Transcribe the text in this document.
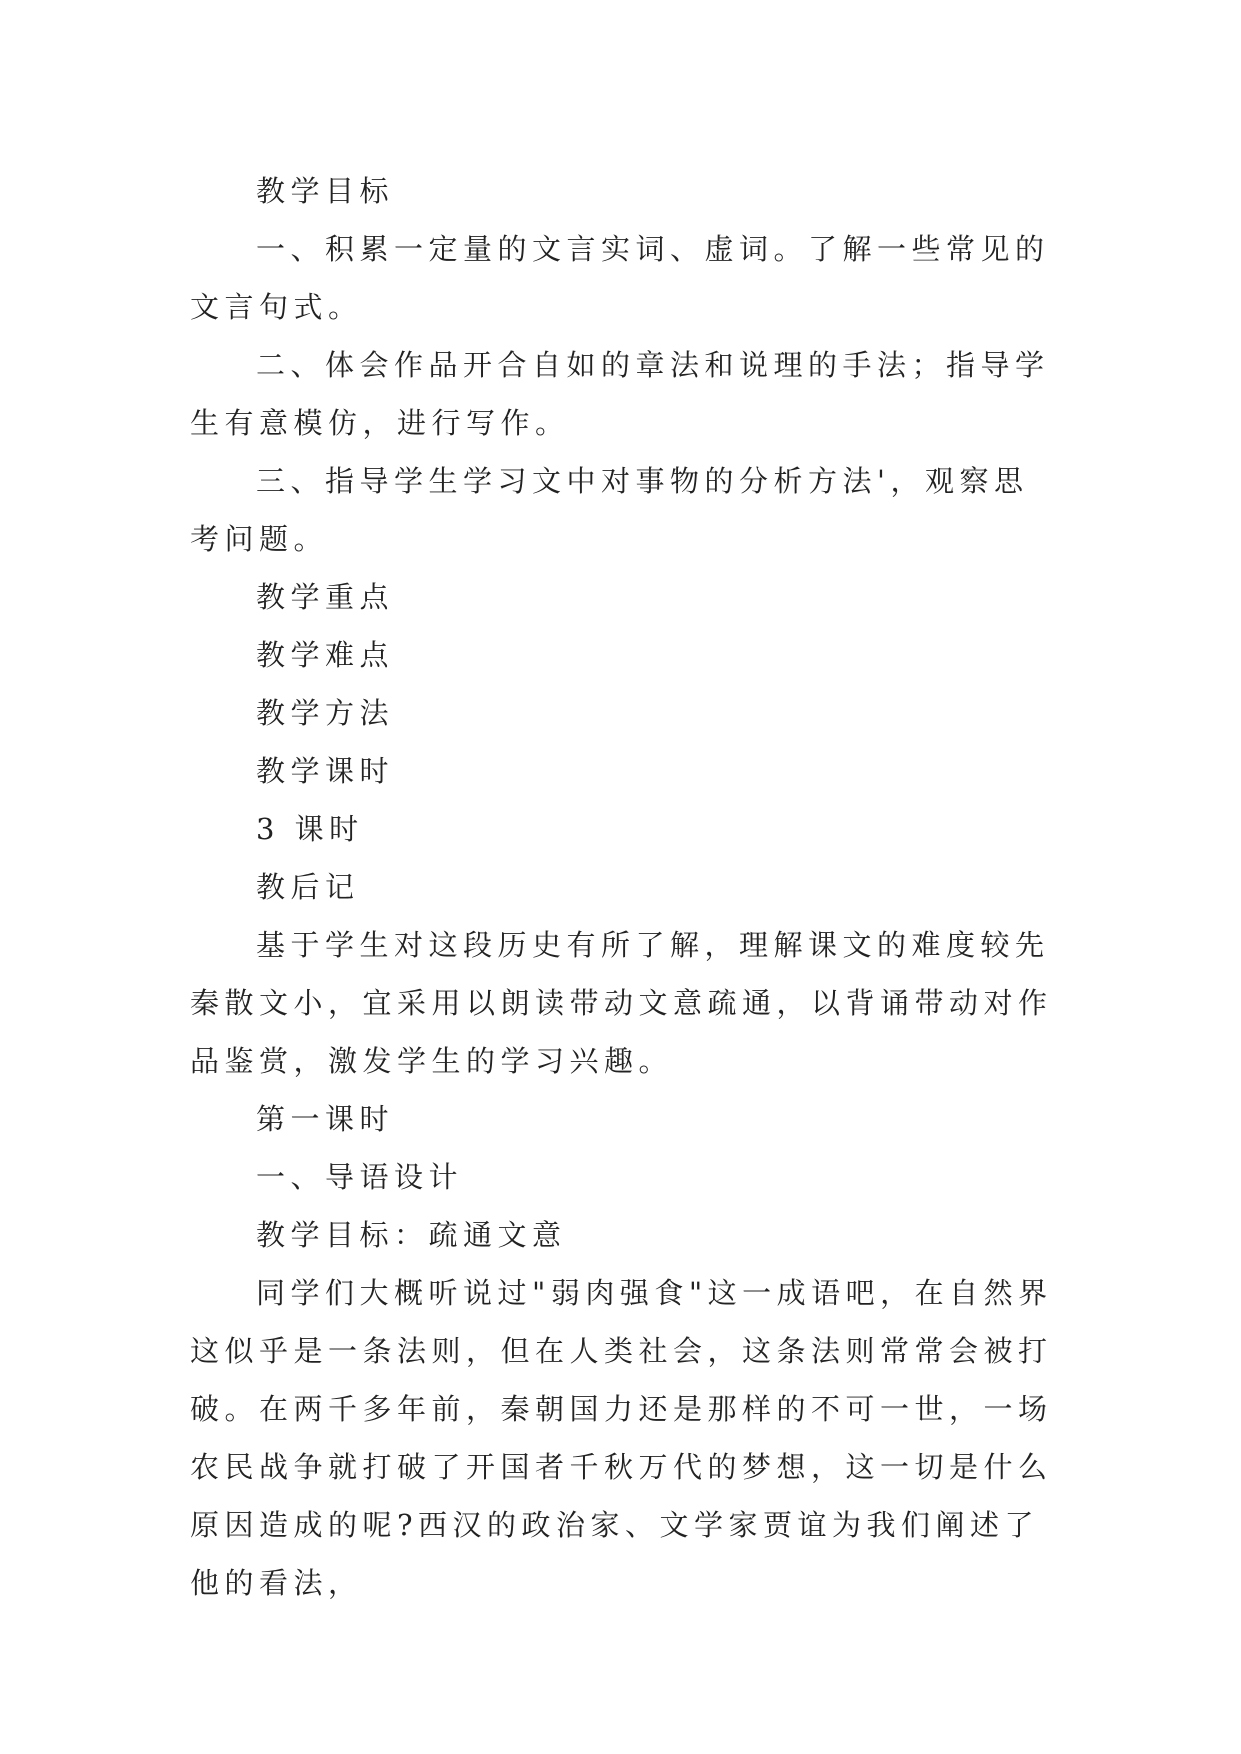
教学目标

一、积累一定量的文言实词、虚词。了解一些常见的文言句式。

二、体会作品开合自如的章法和说理的手法；指导学生有意模仿，进行写作。

三、指导学生学习文中对事物的分析方法'，观察思考问题。

教学重点

教学难点

教学方法

教学课时

3 课时

教后记

基于学生对这段历史有所了解，理解课文的难度较先秦散文小，宜采用以朗读带动文意疏通，以背诵带动对作品鉴赏，激发学生的学习兴趣。

第一课时

一、导语设计

教学目标：疏通文意

同学们大概听说过"弱肉强食"这一成语吧，在自然界这似乎是一条法则，但在人类社会，这条法则常常会被打破。在两千多年前，秦朝国力还是那样的不可一世，一场农民战争就打破了开国者千秋万代的梦想，这一切是什么原因造成的呢?西汉的政治家、文学家贾谊为我们阐述了他的看法，
